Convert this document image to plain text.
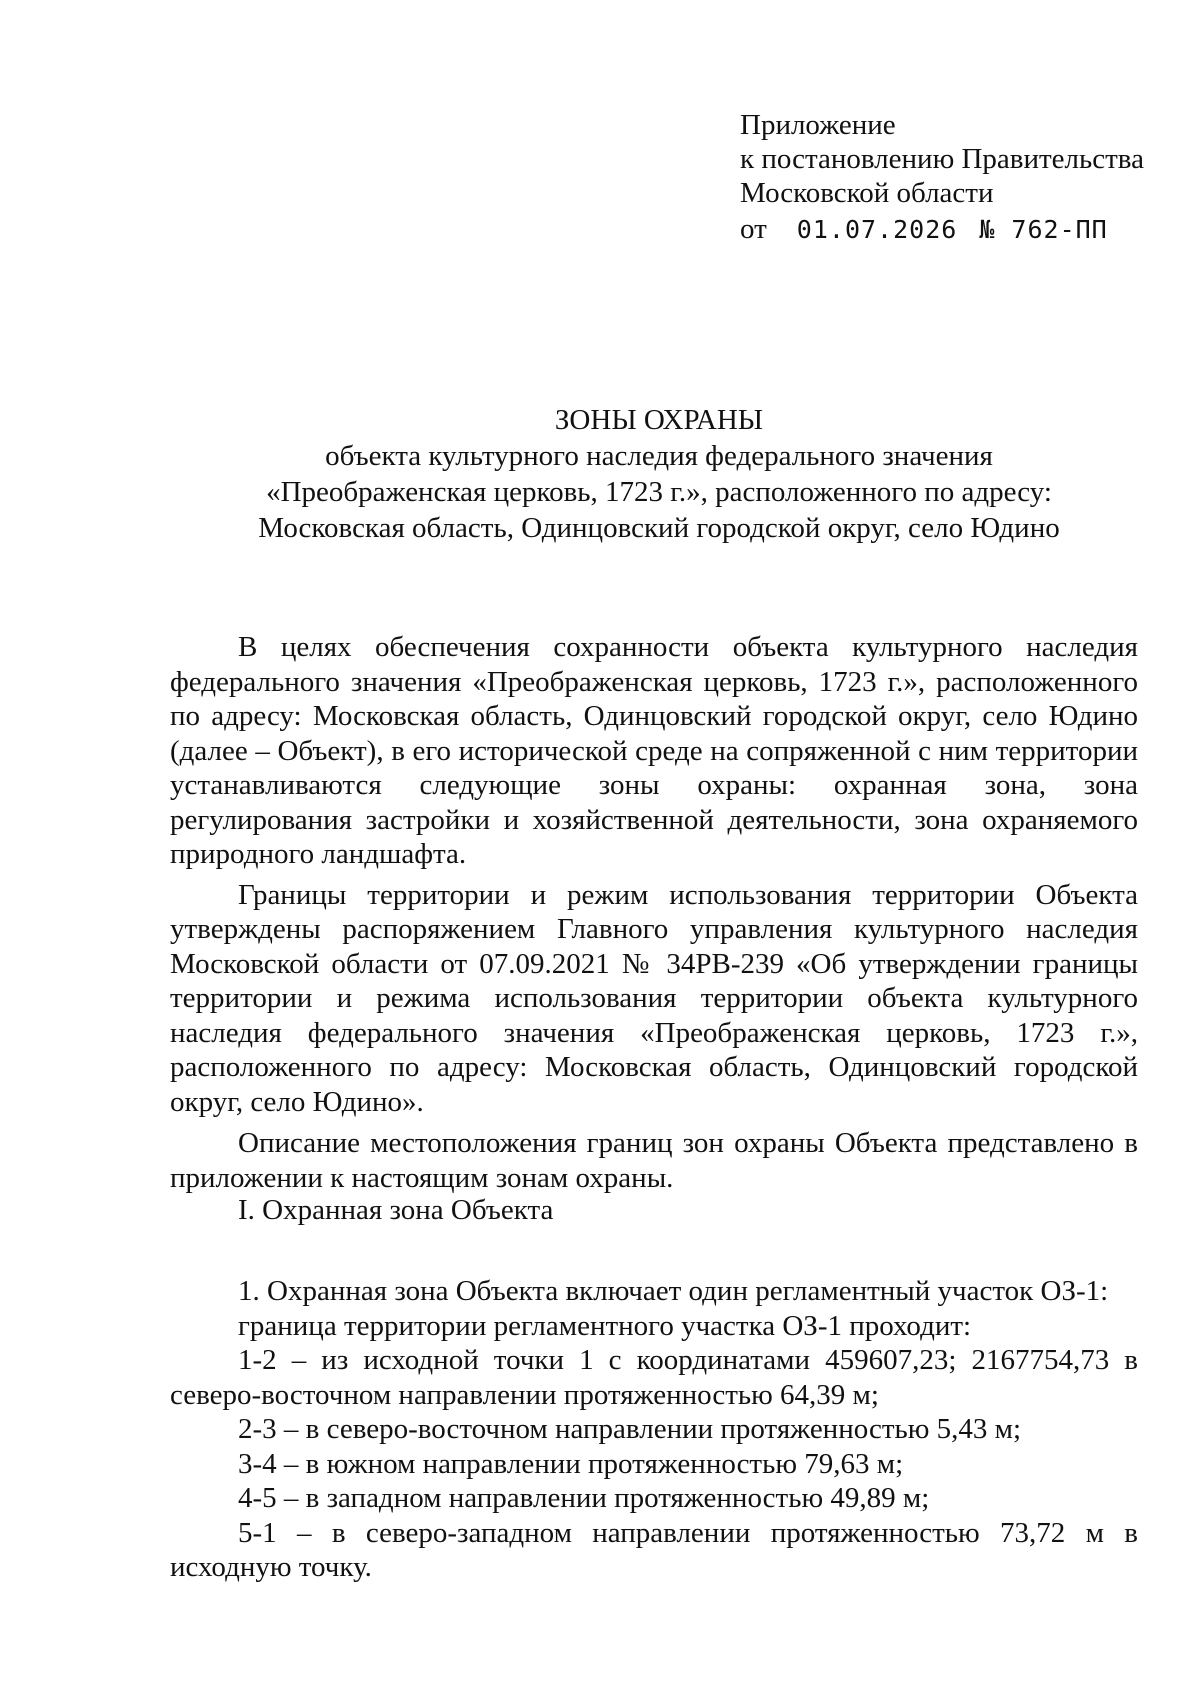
Приложение
к постановлению Правительства
Московской области
от 01.07.2026 № 762-ПП
ЗОНЫ ОХРАНЫ
объекта культурного наследия федерального значения
«Преображенская церковь, 1723 г.», расположенного по адресу:
Московская область, Одинцовский городской округ, село Юдино

В целях обеспечения сохранности объекта культурного наследия федерального значения «Преображенская церковь, 1723 г.», расположенного по адресу: Московская область, Одинцовский городской округ, село Юдино (далее – Объект), в его исторической среде на сопряженной с ним территории устанавливаются следующие зоны охраны: охранная зона, зона регулирования застройки и хозяйственной деятельности, зона охраняемого природного ландшафта.

Границы территории и режим использования территории Объекта утверждены распоряжением Главного управления культурного наследия Московской области от 07.09.2021 № 34РВ-239 «Об утверждении границы территории и режима использования территории объекта культурного наследия федерального значения «Преображенская церковь, 1723 г.», расположенного по адресу: Московская область, Одинцовский городской округ, село Юдино».

Описание местоположения границ зон охраны Объекта представлено в приложении к настоящим зонам охраны.

I. Охранная зона Объекта

1. Охранная зона Объекта включает один регламентный участок ОЗ-1:

граница территории регламентного участка ОЗ-1 проходит:

1-2 – из исходной точки 1 с координатами 459607,23; 2167754,73 в северо-восточном направлении протяженностью 64,39 м;

2-3 – в северо-восточном направлении протяженностью 5,43 м;

3-4 – в южном направлении протяженностью 79,63 м;

4-5 – в западном направлении протяженностью 49,89 м;

5-1 – в северо-западном направлении протяженностью 73,72 м в исходную точку.
